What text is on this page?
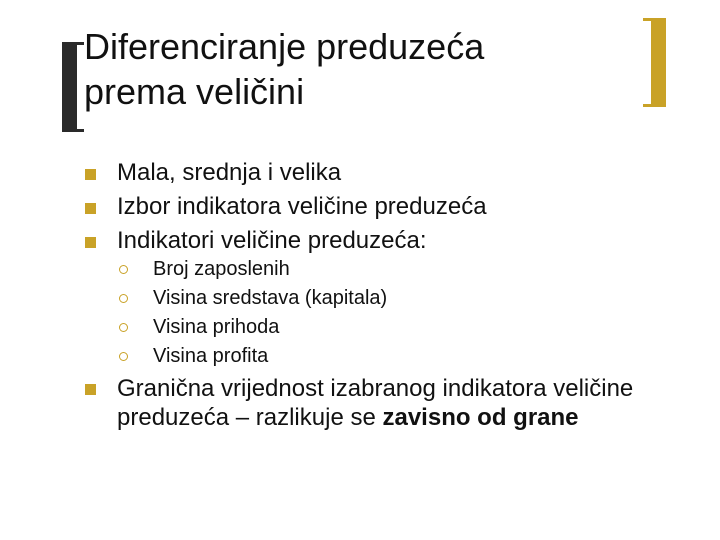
Diferenciranje preduzeća
prema veličini
Mala, srednja i velika
Izbor indikatora veličine preduzeća
Indikatori veličine preduzeća:
Broj zaposlenih
Visina sredstava (kapitala)
Visina prihoda
Visina profita
Granična vrijednost izabranog indikatora veličine preduzeća – razlikuje se zavisno od grane
